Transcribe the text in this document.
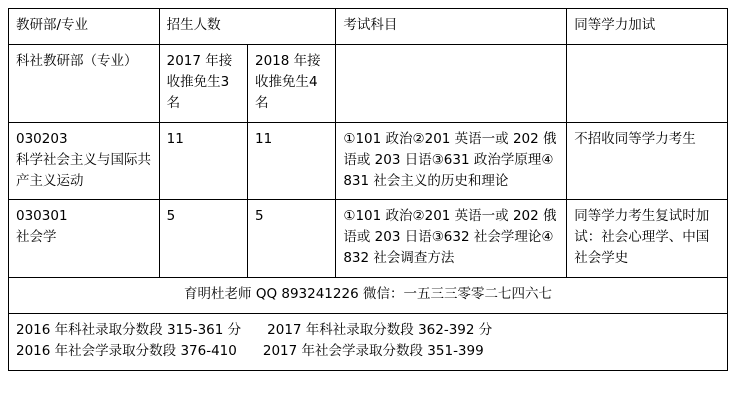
教研部/专业	招生人数		考试科目	同等学力加试
科社教研部（专业）	2017 年接收推免生3 名	2018 年接收推免生4 名		

030203
科学社会主义与国际共产主义运动	11	11	①101 政治②201 英语一或 202 俄语或 203 日语③631 政治学原理④831 社会主义的历史和理论	不招收同等学力考生

030301
社会学	5	5	①101 政治②201 英语一或 202 俄语或 203 日语③632 社会学理论④832 社会调查方法	同等学力考生复试时加试：社会心理学、中国社会学史
育明杜老师 QQ 893241226 微信：一五三三零零二七四六七				

2016 年科社录取分数段 315-361 分 2017 年科社录取分数段 362-392 分
2016 年社会学录取分数段 376-410 2017 年社会学录取分数段 351-399				
